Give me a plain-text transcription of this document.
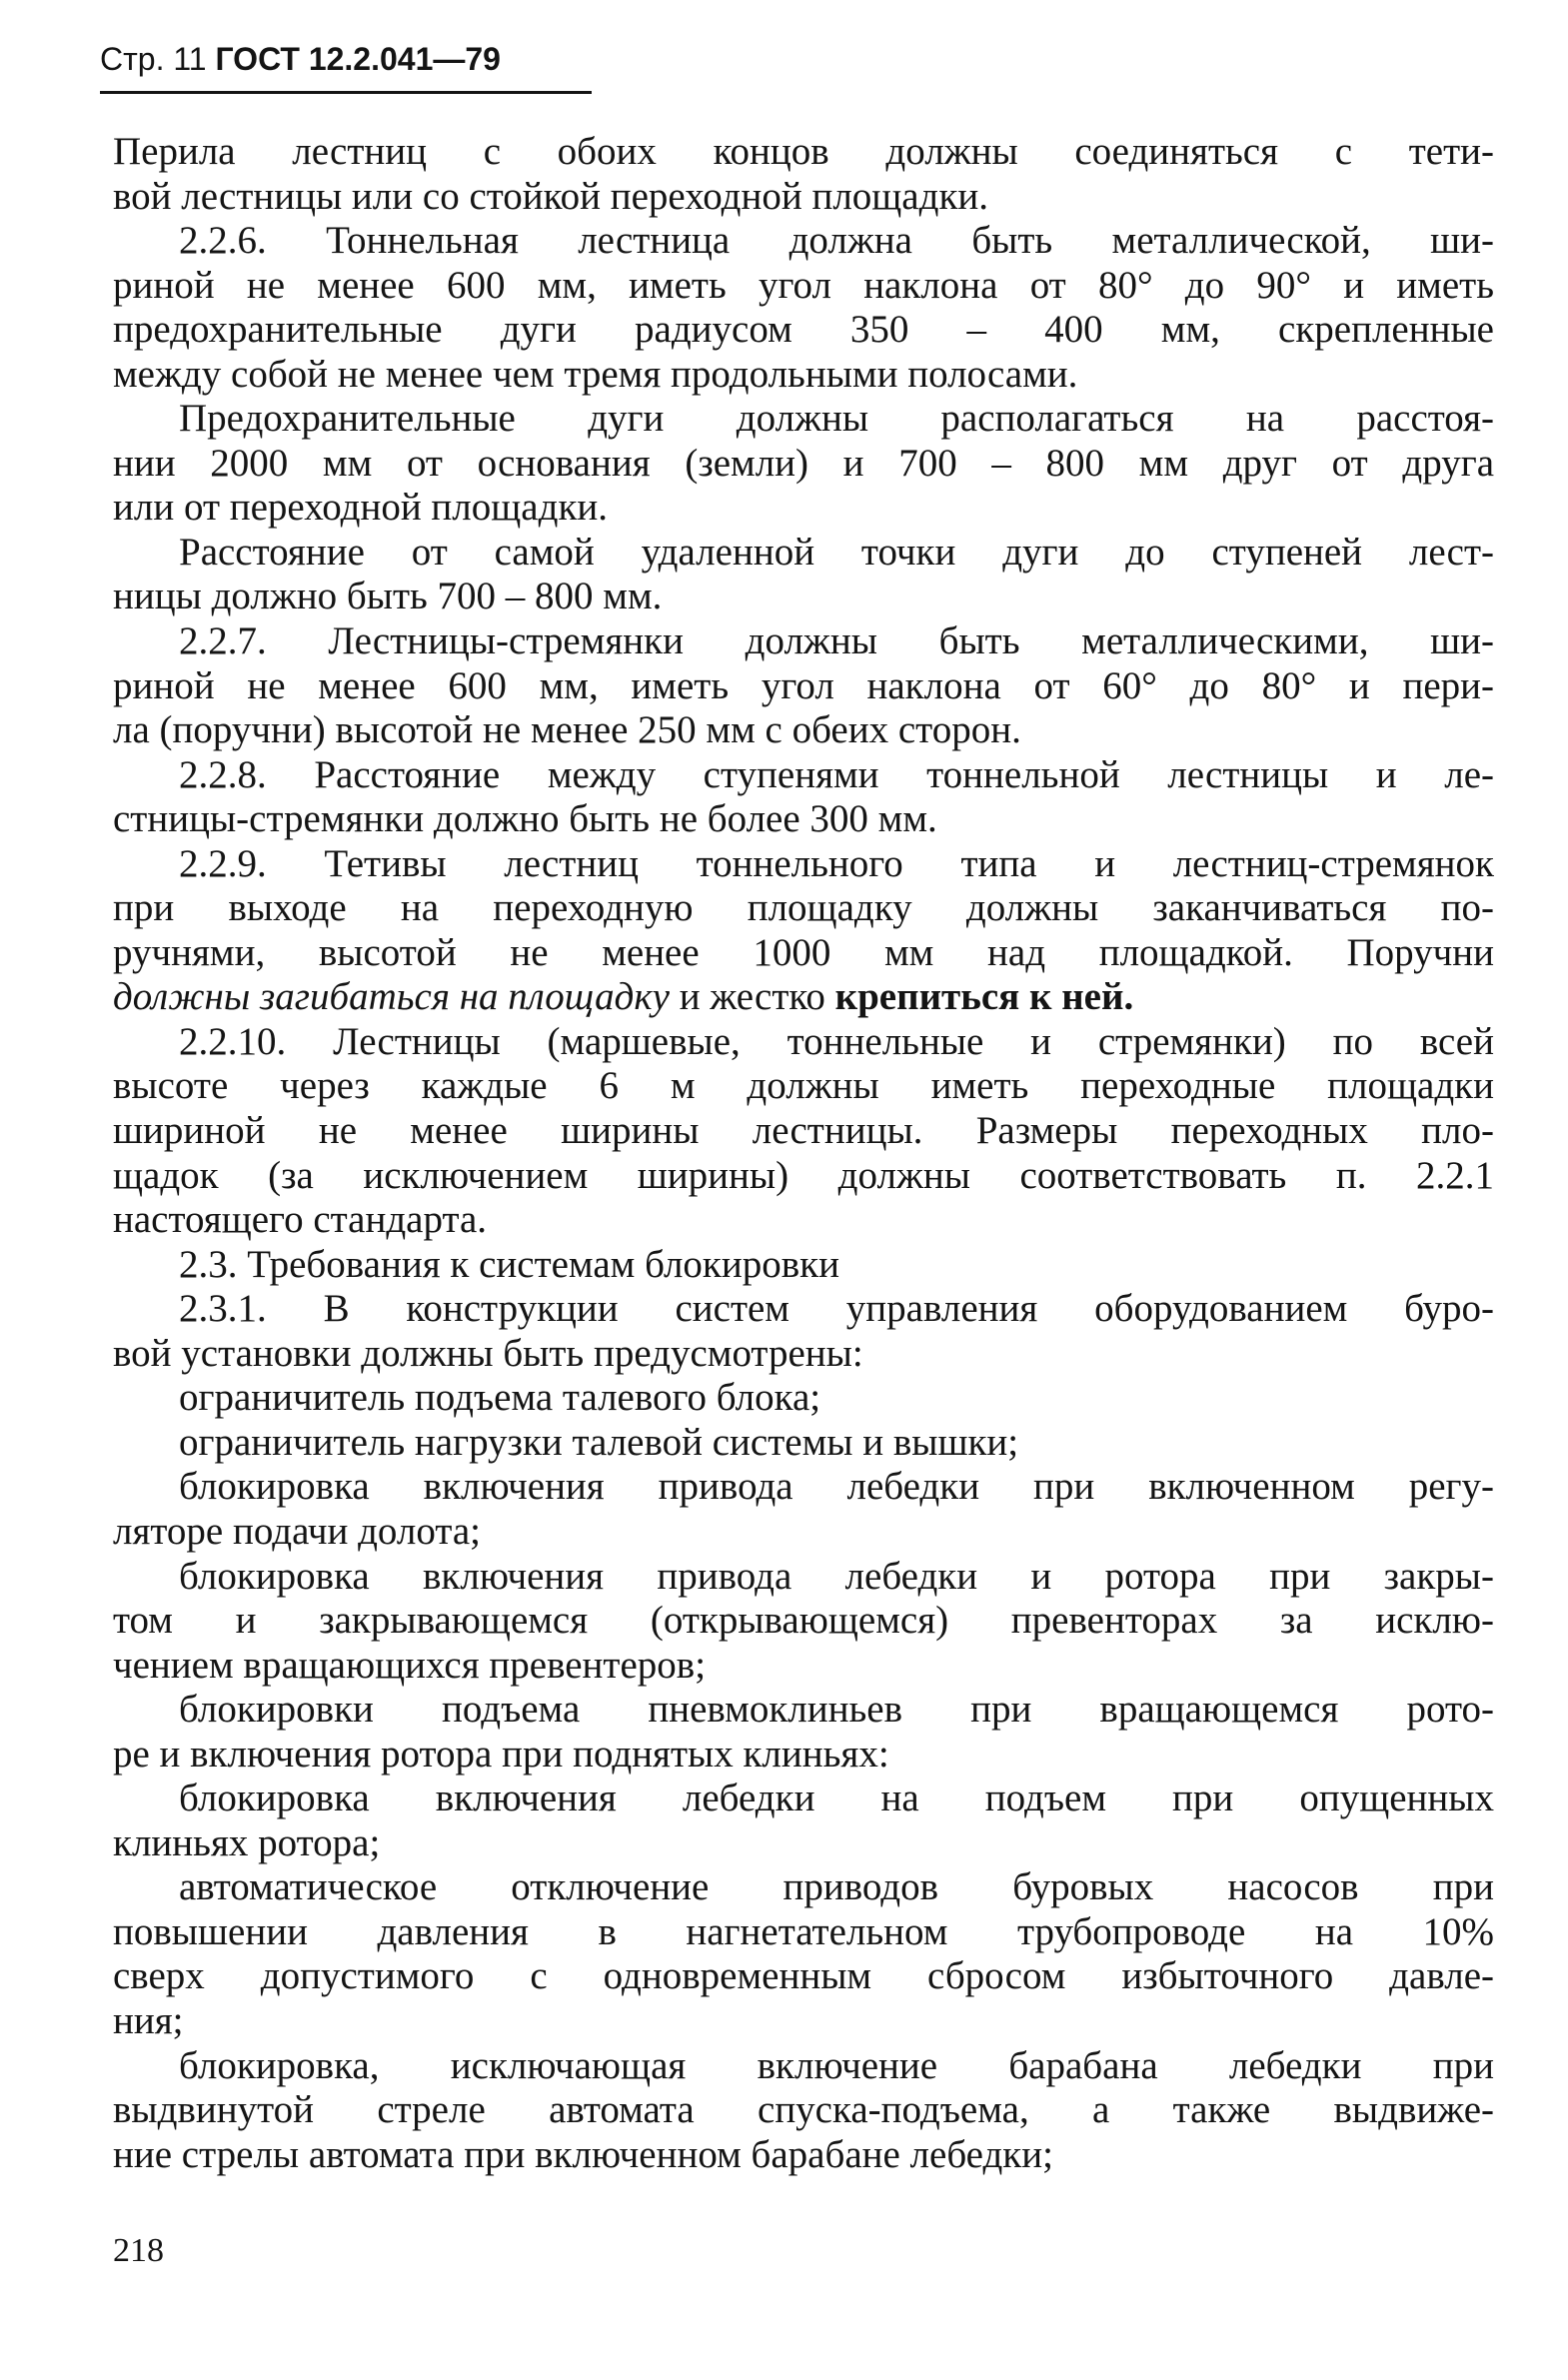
Стр. 11 ГОСТ 12.2.041—79
Перила лестниц с обоих концов должны соединяться с тети-
вой лестницы или со стойкой переходной площадки.
2.2.6. Тоннельная лестница должна быть металлической, ши-
риной не менее 600 мм, иметь угол наклона от 80° до 90° и иметь
предохранительные дуги радиусом 350 – 400 мм, скрепленные
между собой не менее чем тремя продольными полосами.
Предохранительные дуги должны располагаться на расстоя-
нии 2000 мм от основания (земли) и 700 – 800 мм друг от друга
или от переходной площадки.
Расстояние от самой удаленной точки дуги до ступеней лест-
ницы должно быть 700 – 800 мм.
2.2.7. Лестницы-стремянки должны быть металлическими, ши-
риной не менее 600 мм, иметь угол наклона от 60° до 80° и пери-
ла (поручни) высотой не менее 250 мм с обеих сторон.
2.2.8. Расстояние между ступенями тоннельной лестницы и ле-
стницы-стремянки должно быть не более 300 мм.
2.2.9. Тетивы лестниц тоннельного типа и лестниц-стремянок
при выходе на переходную площадку должны заканчиваться по-
ручнями, высотой не менее 1000 мм над площадкой. Поручни
должны загибаться на площадку и жестко крепиться к ней.
2.2.10. Лестницы (маршевые, тоннельные и стремянки) по всей
высоте через каждые 6 м должны иметь переходные площадки
шириной не менее ширины лестницы. Размеры переходных пло-
щадок (за исключением ширины) должны соответствовать п. 2.2.1
настоящего стандарта.
2.3. Требования к системам блокировки
2.3.1. В конструкции систем управления оборудованием буро-
вой установки должны быть предусмотрены:
ограничитель подъема талевого блока;
ограничитель нагрузки талевой системы и вышки;
блокировка включения привода лебедки при включенном регу-
ляторе подачи долота;
блокировка включения привода лебедки и ротора при закры-
том и закрывающемся (открывающемся) превенторах за исклю-
чением вращающихся превентеров;
блокировки подъема пневмоклиньев при вращающемся рото-
ре и включения ротора при поднятых клиньях:
блокировка включения лебедки на подъем при опущенных
клиньях ротора;
автоматическое отключение приводов буровых насосов при
повышении давления в нагнетательном трубопроводе на 10%
сверх допустимого с одновременным сбросом избыточного давле-
ния;
блокировка, исключающая включение барабана лебедки при
выдвинутой стреле автомата спуска-подъема, а также выдвиже-
ние стрелы автомата при включенном барабане лебедки;
218
